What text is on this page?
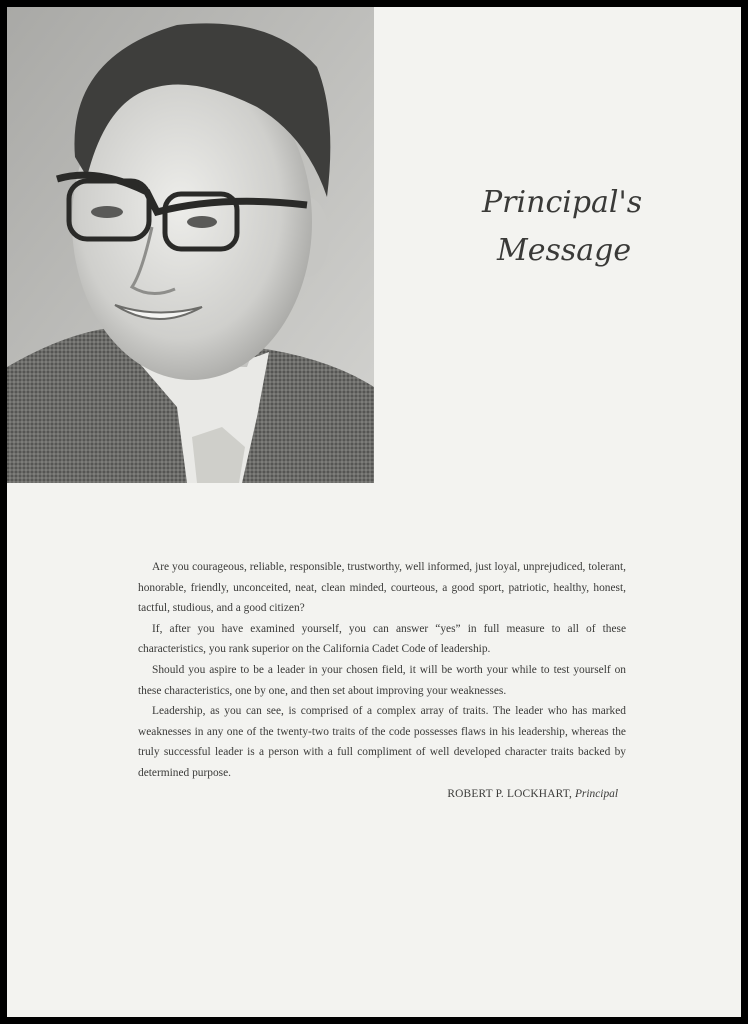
Principal's
Message

Are you courageous, reliable, responsible, trustworthy, well informed, just loyal, unprejudiced, tolerant, honorable, friendly, unconceited, neat, clean minded, courteous, a good sport, patriotic, healthy, honest, tactful, studious, and a good citizen?

If, after you have examined yourself, you can answer “yes” in full measure to all of these characteristics, you rank superior on the California Cadet Code of leadership.

Should you aspire to be a leader in your chosen field, it will be worth your while to test yourself on these characteristics, one by one, and then set about improving your weaknesses.

Leadership, as you can see, is comprised of a complex array of traits. The leader who has marked weaknesses in any one of the twenty-two traits of the code possesses flaws in his leadership, whereas the truly successful leader is a person with a full compliment of well developed character traits backed by determined purpose.

ROBERT P. LOCKHART, Principal
